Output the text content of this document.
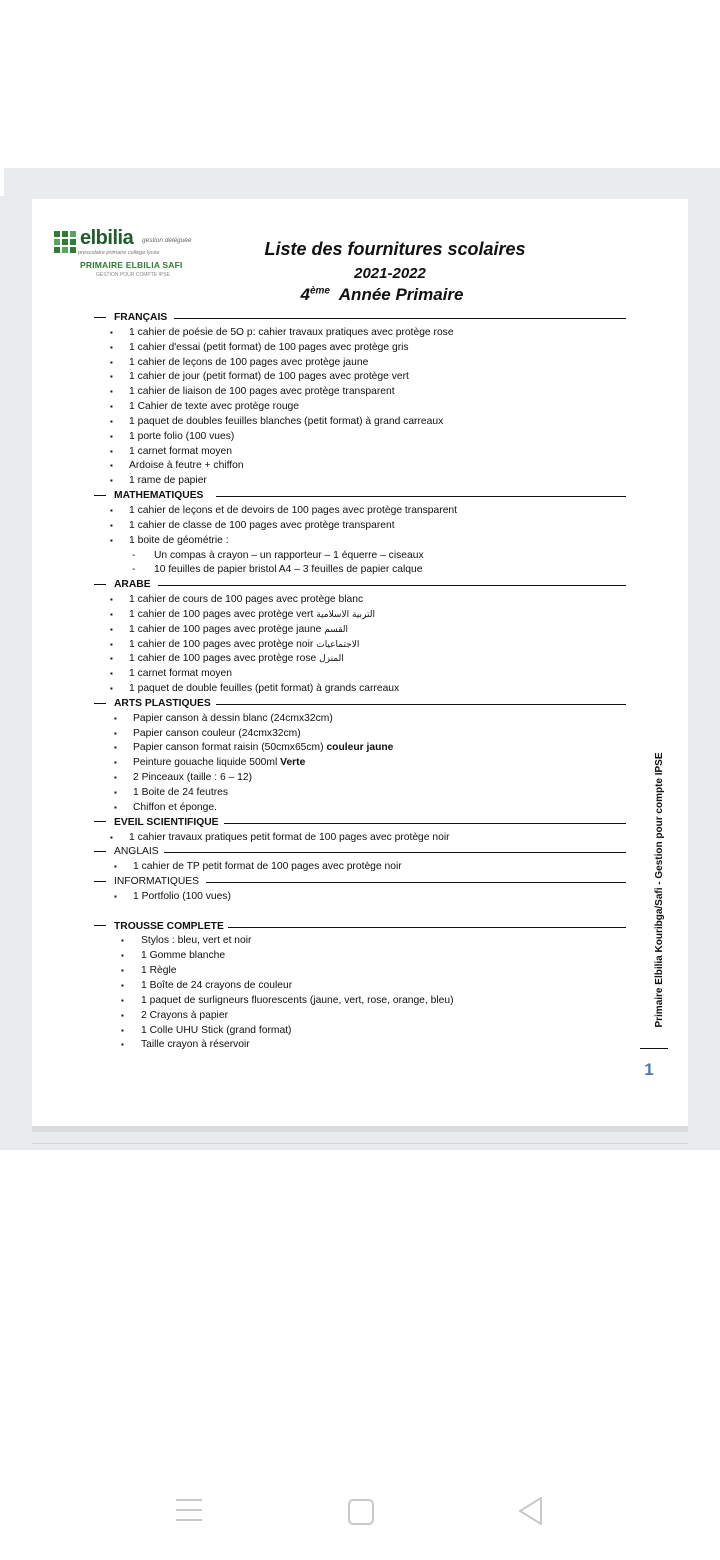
elbilia gestion déléguée
préscolaire primaire collège lycée
PRIMAIRE ELBILIA SAFI
GESTION POUR COMPTE IPSE
Liste des fournitures scolaires
2021-2022
4ème Année Primaire
FRANÇAIS
▪ 1 cahier de poésie de 5O p: cahier travaux pratiques avec protège rose
▪ 1 cahier d'essai (petit format) de 100 pages avec protège gris
▪ 1 cahier de leçons de 100 pages avec protège jaune
▪ 1 cahier de jour (petit format) de 100 pages avec protège vert
▪ 1 cahier de liaison de 100 pages avec protège transparent
▪ 1 Cahier de texte avec protège rouge
▪ 1 paquet de doubles feuilles blanches (petit format) à grand carreaux
▪ 1 porte folio (100 vues)
▪ 1 carnet format moyen
▪ Ardoise à feutre + chiffon
▪ 1 rame de papier
MATHEMATIQUES
▪ 1 cahier de leçons et de devoirs de 100 pages avec protège transparent
▪ 1 cahier de classe de 100 pages avec protège transparent
▪ 1 boite de géométrie :
- Un compas à crayon – un rapporteur – 1 équerre – ciseaux
- 10 feuilles de papier bristol A4 – 3 feuilles de papier calque
ARABE
▪ 1 cahier de cours de 100 pages avec protège blanc
▪ 1 cahier de 100 pages avec protège vert التربية الاسلامية
▪ 1 cahier de 100 pages avec protège jaune القسم
▪ 1 cahier de 100 pages avec protège noir الاجتماعيات
▪ 1 cahier de 100 pages avec protège rose المنزل
▪ 1 carnet format moyen
▪ 1 paquet de double feuilles (petit format) à grands carreaux
ARTS PLASTIQUES
▪ Papier canson à dessin blanc (24cmx32cm)
▪ Papier canson couleur (24cmx32cm)
▪ Papier canson format raisin (50cmx65cm) couleur jaune
▪ Peinture gouache liquide 500ml Verte
▪ 2 Pinceaux (taille : 6 – 12)
▪ 1 Boite de 24 feutres
▪ Chiffon et éponge.
EVEIL SCIENTIFIQUE
▪ 1 cahier travaux pratiques petit format de 100 pages avec protège noir
ANGLAIS
▪ 1 cahier de TP petit format de 100 pages avec protège noir
INFORMATIQUES
▪ 1 Portfolio (100 vues)
TROUSSE COMPLETE
▪ Stylos : bleu, vert et noir
▪ 1 Gomme blanche
▪ 1 Règle
▪ 1 Boîte de 24 crayons de couleur
▪ 1 paquet de surligneurs fluorescents (jaune, vert, rose, orange, bleu)
▪ 2 Crayons à papier
▪ 1 Colle UHU Stick (grand format)
▪ Taille crayon à réservoir
Primaire Elbilia Kouribga/Safi - Gestion pour compte IPSE
1
